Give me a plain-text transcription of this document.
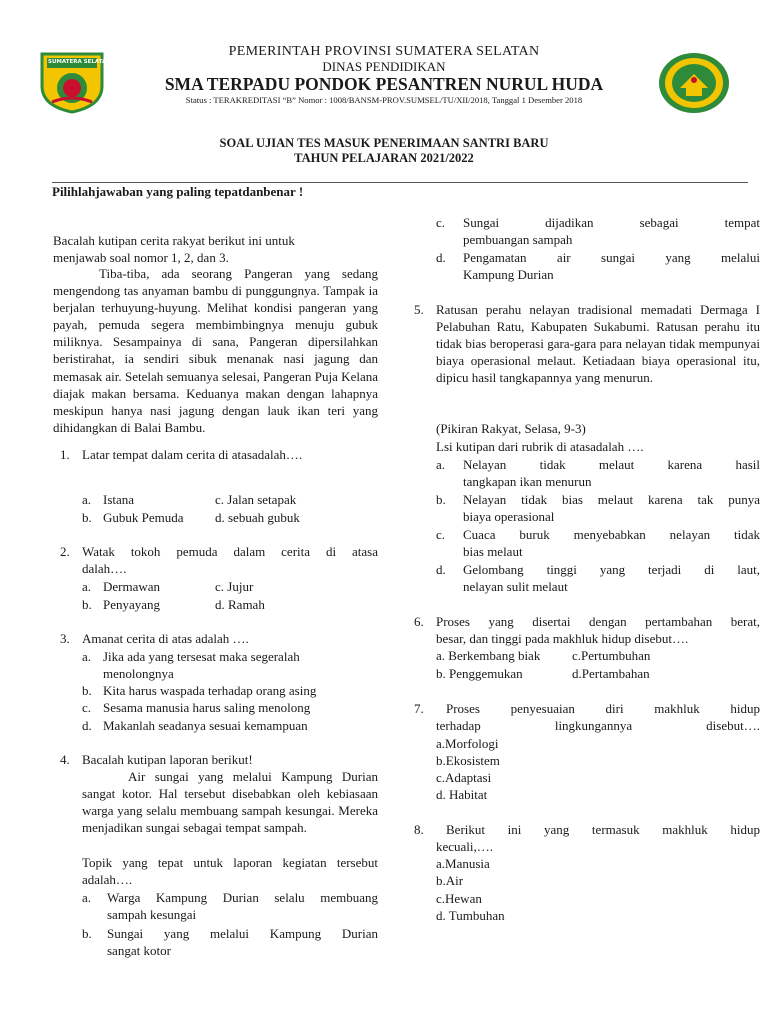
SUMATERA SELATAN
PEMERINTAH PROVINSI SUMATERA SELATAN
DINAS PENDIDIKAN
SMA TERPADU PONDOK PESANTREN NURUL HUDA
Status : TERAKREDITASI “B” Nomor : 1008/BANSM-PROV.SUMSEL/TU/XII/2018, Tanggal 1 Desember 2018
SOAL UJIAN TES MASUK PENERIMAAN SANTRI BARU
TAHUN PELAJARAN 2021/2022
Pilihlahjawaban yang paling tepatdanbenar !
Bacalah kutipan cerita rakyat berikut ini untuk
menjawab soal nomor 1, 2, dan 3.
Tiba-tiba, ada seorang Pangeran yang sedang mengendong tas anyaman bambu di punggungnya. Tampak ia berjalan terhuyung-huyung. Melihat kondisi pangeran yang payah, pemuda segera membimbingnya menuju gubuk miliknya. Sesampainya di sana, Pangeran dipersilahkan beristirahat, ia sendiri sibuk menanak nasi jagung dan memasak air. Setelah semuanya selesai, Pangeran Puja Kelana diajak makan bersama. Keduanya makan dengan lahapnya meskipun hanya nasi jagung dengan lauk ikan teri yang dihidangkan di Balai Bambu.
1. Latar tempat dalam cerita di atasadalah….
a. Istana	c. Jalan setapak
b. Gubuk Pemuda d. sebuah gubuk
2. Watak tokoh pemuda dalam cerita di atasa
dalah….
a. Dermawan	c. Jujur
b. Penyayang	d. Ramah
3. Amanat cerita di atas adalah ….
a. Jika ada yang tersesat maka segeralah
menolongnya
b. Kita harus waspada terhadap orang asing
c. Sesama manusia harus saling menolong
d. Makanlah seadanya sesuai kemampuan
4. Bacalah kutipan laporan berikut!
Air sungai yang melalui Kampung Durian sangat kotor. Hal tersebut disebabkan oleh kebiasaan warga yang selalu membuang sampah kesungai. Mereka menjadikan sungai sebagai tempat sampah.
Topik yang tepat untuk laporan kegiatan tersebut
adalah….
a. Warga Kampung Durian selalu membuang
sampah kesungai
b. Sungai yang melalui Kampung Durian
sangat kotor
c. Sungai dijadikan sebagai tempat
pembuangan sampah
d. Pengamatan air sungai yang melalui
Kampung Durian
5. Ratusan perahu nelayan tradisional memadati Dermaga I Pelabuhan Ratu, Kabupaten Sukabumi. Ratusan perahu itu tidak bias beroperasi gara-gara para nelayan tidak mempunyai biaya operasional melaut. Ketiadaan biaya operasional itu, dipicu hasil tangkapannya yang menurun.
(Pikiran Rakyat, Selasa, 9-3)
Lsi kutipan dari rubrik di atasadalah ….
a. Nelayan tidak melaut karena hasil
tangkapan ikan menurun
b. Nelayan tidak bias melaut karena tak punya
biaya operasional
c. Cuaca buruk menyebabkan nelayan tidak
bias melaut
d. Gelombang tinggi yang terjadi di laut,
nelayan sulit melaut
6. Proses yang disertai dengan pertambahan berat,
besar, dan tinggi pada makhluk hidup disebut….
a. Berkembang biak c.Pertumbuhan
b. Penggemukan	d.Pertambahan
7. Proses penyesuaian diri makhluk hidup
terhadap lingkungannya disebut….
a.Morfologi
b.Ekosistem
c.Adaptasi
d. Habitat
8. Berikut ini yang termasuk makhluk hidup
kecuali,….
a.Manusia
b.Air
c.Hewan
d. Tumbuhan
